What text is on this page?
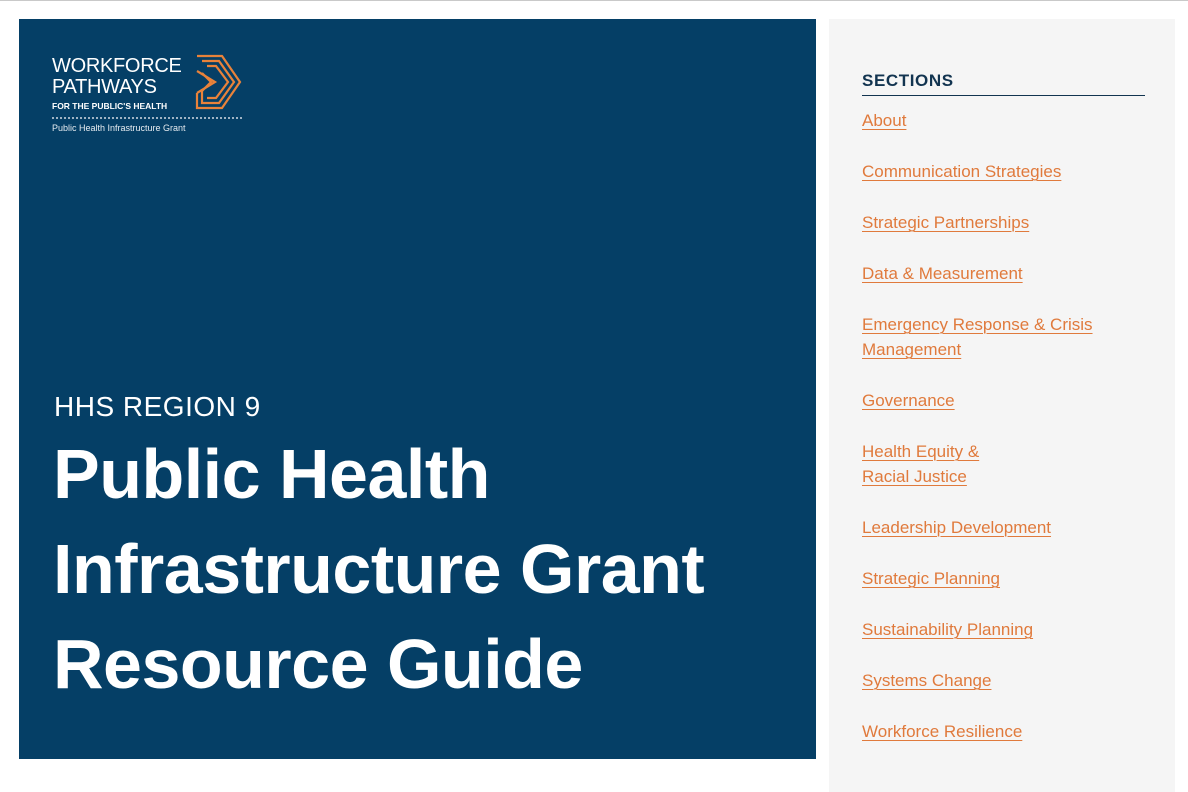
WORKFORCE
PATHWAYS
FOR THE PUBLIC'S HEALTH
Public Health Infrastructure Grant
HHS REGION 9
Public Health
Infrastructure Grant
Resource Guide
SECTIONS
About
Communication Strategies
Strategic Partnerships
Data & Measurement
Emergency Response & Crisis
Management
Governance
Health Equity &
Racial Justice
Leadership Development
Strategic Planning
Sustainability Planning
Systems Change
Workforce Resilience
